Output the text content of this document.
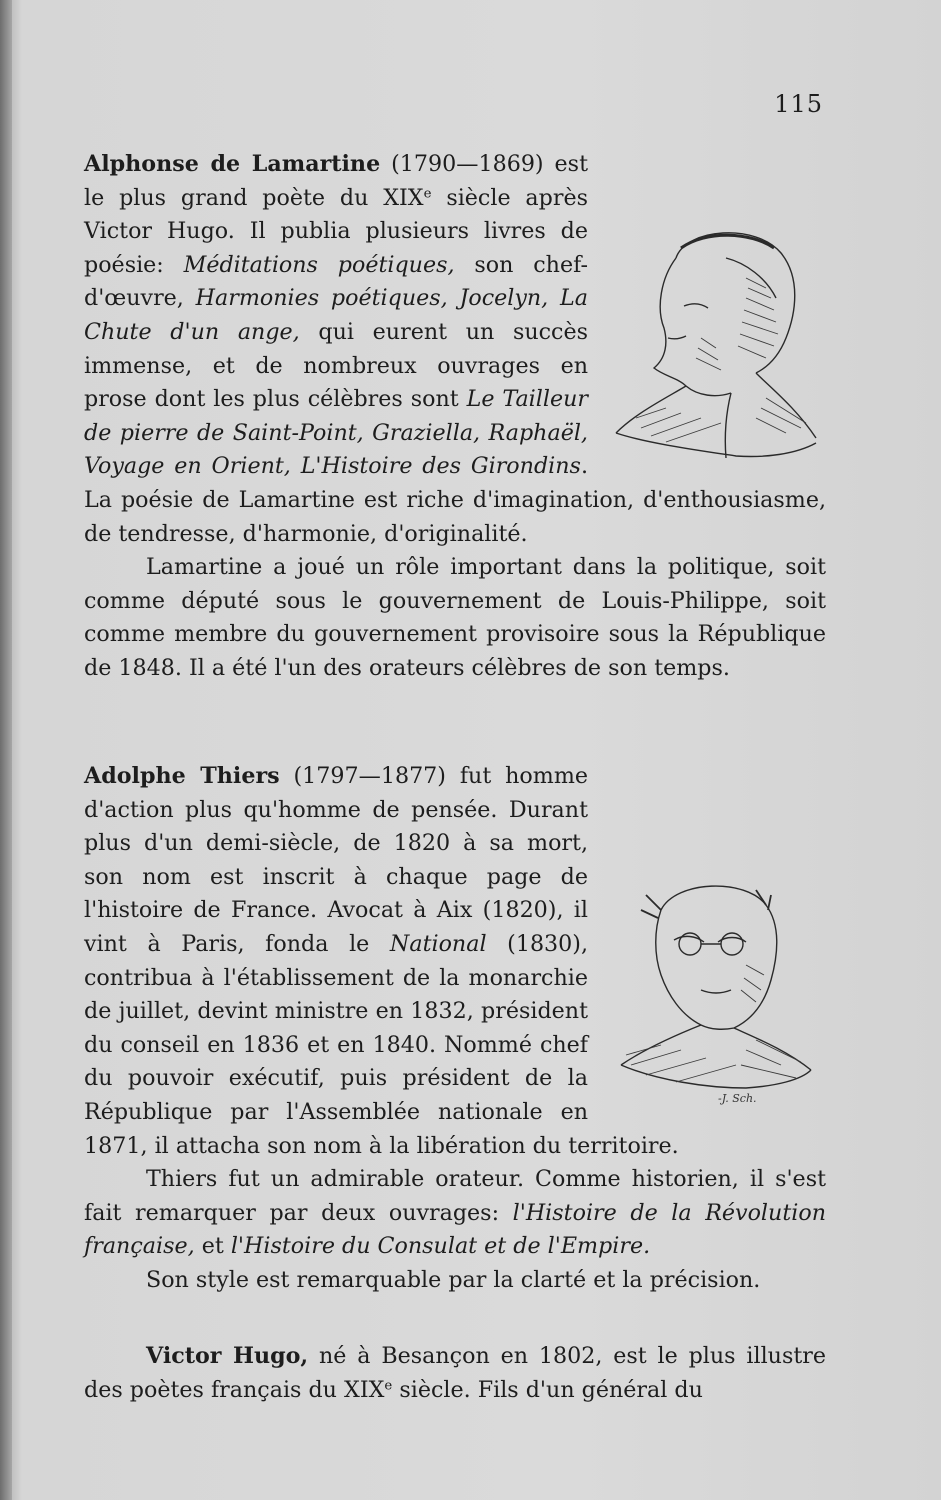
115

Alphonse de Lamartine (1790—1869) est le plus grand poète du XIXe siècle après Victor Hugo. Il publia plusieurs livres de poésie: Méditations poétiques, son chef-d'œuvre, Harmonies poétiques, Jocelyn, La Chute d'un ange, qui eurent un succès immense, et de nombreux ouvrages en prose dont les plus célèbres sont Le Tailleur de pierre de Saint-Point, Graziella, Raphaël, Voyage en Orient, L'Histoire des Girondins. La poésie de Lamartine est riche d'imagination, d'enthousiasme, de tendresse, d'harmonie, d'originalité.

Lamartine a joué un rôle important dans la politique, soit comme député sous le gouvernement de Louis-Philippe, soit comme membre du gouvernement provisoire sous la République de 1848. Il a été l'un des orateurs célèbres de son temps.

-J. Sch.
Adolphe Thiers (1797—1877) fut homme d'action plus qu'homme de pensée. Durant plus d'un demi-siècle, de 1820 à sa mort, son nom est inscrit à chaque page de l'histoire de France. Avocat à Aix (1820), il vint à Paris, fonda le National (1830), contribua à l'établissement de la monarchie de juillet, devint ministre en 1832, président du conseil en 1836 et en 1840. Nommé chef du pouvoir exécutif, puis président de la République par l'Assemblée nationale en 1871, il attacha son nom à la libération du territoire.

Thiers fut un admirable orateur. Comme historien, il s'est fait remarquer par deux ouvrages: l'Histoire de la Révolution française, et l'Histoire du Consulat et de l'Empire.

Son style est remarquable par la clarté et la précision.

Victor Hugo, né à Besançon en 1802, est le plus illustre des poètes français du XIXe siècle. Fils d'un général du
